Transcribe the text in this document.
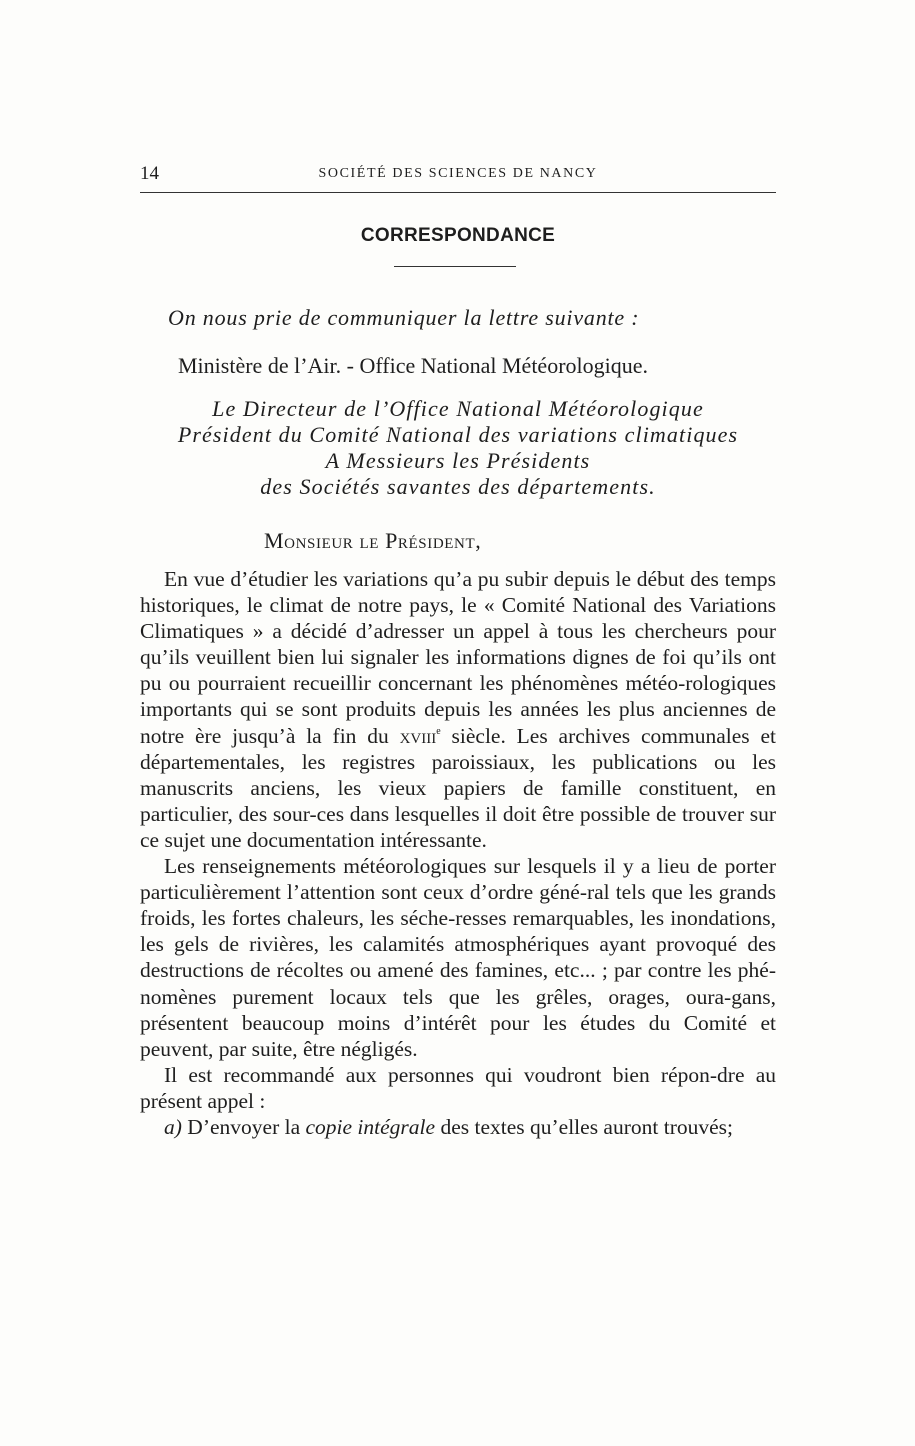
14	SOCIÉTÉ DES SCIENCES DE NANCY
CORRESPONDANCE
On nous prie de communiquer la lettre suivante :
Ministère de l’Air. - Office National Météorologique.
Le Directeur de l’Office National Météorologique
Président du Comité National des variations climatiques
A Messieurs les Présidents
des Sociétés savantes des départements.
Monsieur le Président,

En vue d’étudier les variations qu’a pu subir depuis le début des temps historiques, le climat de notre pays, le « Comité National des Variations Climatiques » a décidé d’adresser un appel à tous les chercheurs pour qu’ils veuillent bien lui signaler les informations dignes de foi qu’ils ont pu ou pourraient recueillir concernant les phénomènes météo-rologiques importants qui se sont produits depuis les années les plus anciennes de notre ère jusqu’à la fin du xviii$^e$ siècle. Les archives communales et départementales, les registres paroissiaux, les publications ou les manuscrits anciens, les vieux papiers de famille constituent, en particulier, des sour-ces dans lesquelles il doit être possible de trouver sur ce sujet une documentation intéressante.

Les renseignements météorologiques sur lesquels il y a lieu de porter particulièrement l’attention sont ceux d’ordre géné-ral tels que les grands froids, les fortes chaleurs, les séche-resses remarquables, les inondations, les gels de rivières, les calamités atmosphériques ayant provoqué des destructions de récoltes ou amené des famines, etc... ; par contre les phé-nomènes purement locaux tels que les grêles, orages, oura-gans, présentent beaucoup moins d’intérêt pour les études du Comité et peuvent, par suite, être négligés.

Il est recommandé aux personnes qui voudront bien répon-dre au présent appel :

a) D’envoyer la copie intégrale des textes qu’elles auront trouvés;
